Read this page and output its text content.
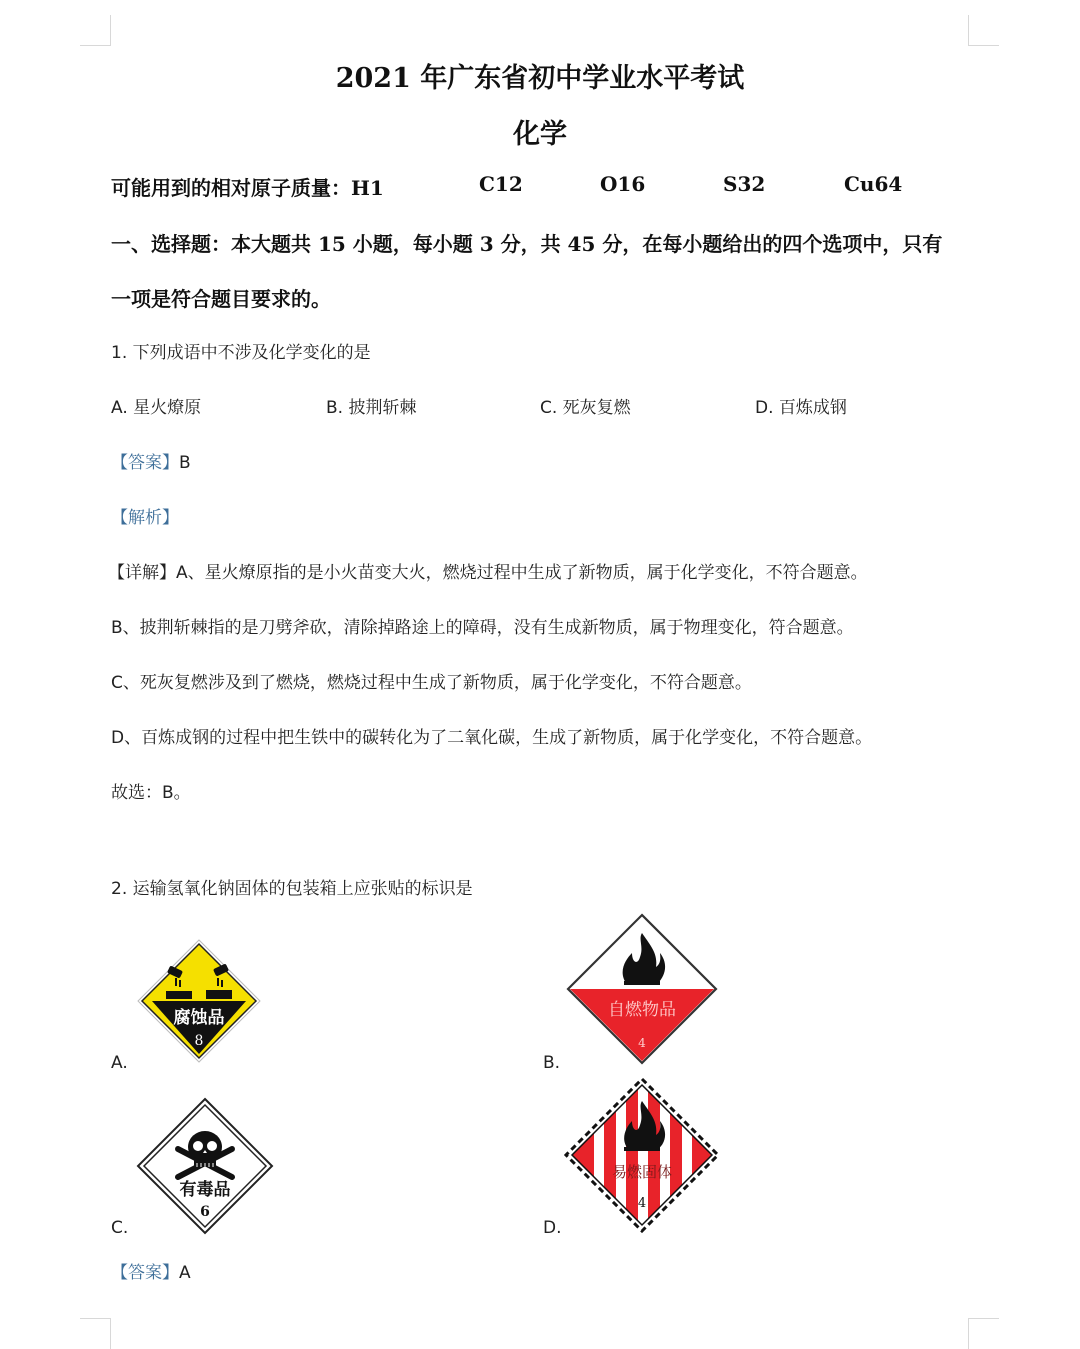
2021 年广东省初中学业水平考试
化学
可能用到的相对原子质量：H1	C12	O16	S32	Cu64
一、选择题：本大题共 15 小题，每小题 3 分，共 45 分，在每小题给出的四个选项中，只有
一项是符合题目要求的。
1. 下列成语中不涉及化学变化的是
A. 星火燎原	B. 披荆斩棘	C. 死灰复燃	D. 百炼成钢
【答案】B
【解析】
【详解】A、星火燎原指的是小火苗变大火，燃烧过程中生成了新物质，属于化学变化，不符合题意。
B、披荆斩棘指的是刀劈斧砍，清除掉路途上的障碍，没有生成新物质，属于物理变化，符合题意。
C、死灰复燃涉及到了燃烧，燃烧过程中生成了新物质，属于化学变化，不符合题意。
D、百炼成钢的过程中把生铁中的碳转化为了二氧化碳，生成了新物质，属于化学变化，不符合题意。
故选：B。
2. 运输氢氧化钠固体的包装箱上应张贴的标识是
腐蚀品
8
A.
自燃物品
4
B.
有毒品
6
C.
易燃固体
4
D.
【答案】A
